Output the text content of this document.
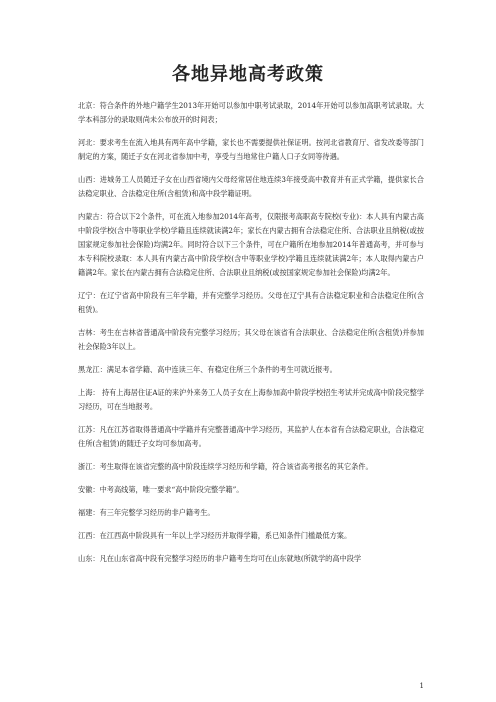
各地异地高考政策

北京：符合条件的外地户籍学生2013年开始可以参加中职考试录取，2014年开始可以参加高职考试录取。大学本科部分的录取则尚未公布放开的时间表；

河北：要求考生在流入地具有两年高中学籍，家长也不需要提供社保证明。按河北省教育厅、省发改委等部门制定的方案，随迁子女在河北省参加中考，享受与当地常住户籍人口子女同等待遇。

山西：进城务工人员随迁子女在山西省境内父母经常居住地连续3年接受高中教育并有正式学籍，提供家长合法稳定职业、合法稳定住所(含租赁)和高中段学籍证明。

内蒙古：符合以下2个条件，可在流入地参加2014年高考，仅限报考高职高专院校(专业)：本人具有内蒙古高中阶段学校(含中等职业学校)学籍且连续就读满2年；家长在内蒙古拥有合法稳定住所、合法职业且纳税(或按国家规定参加社会保险)均满2年。同时符合以下三个条件，可在户籍所在地参加2014年普通高考，并可参与本专科院校录取：本人具有内蒙古高中阶段学校(含中等职业学校)学籍且连续就读满2年；本人取得内蒙古户籍满2年。家长在内蒙古拥有合法稳定住所、合法职业且纳税(或按国家规定参加社会保险)均满2年。

辽宁：在辽宁省高中阶段有三年学籍，并有完整学习经历。父母在辽宁具有合法稳定职业和合法稳定住所(含租赁)。

吉林：考生在吉林省普通高中阶段有完整学习经历；其父母在该省有合法职业、合法稳定住所(含租赁)并参加社会保险3年以上。

黑龙江：满足本省学籍、高中连读三年、有稳定住所三个条件的考生可就近报考。

上海： 持有上海居住证A证的来沪外来务工人员子女在上海参加高中阶段学校招生考试并完成高中阶段完整学习经历，可在当地报考。

江苏：凡在江苏省取得普通高中学籍并有完整普通高中学习经历，其监护人在本省有合法稳定职业，合法稳定住所(含租赁)的随迁子女均可参加高考。

浙江：考生取得在该省完整的高中阶段连续学习经历和学籍，符合该省高考报名的其它条件。

安徽：中考高线第，唯一要求“高中阶段完整学籍”。

福建：有三年完整学习经历的非户籍考生。

江西：在江西高中阶段具有一年以上学习经历并取得学籍，系已知条件门槛最低方案。

山东：凡在山东省高中段有完整学习经历的非户籍考生均可在山东就地(所就学的高中段学

1
